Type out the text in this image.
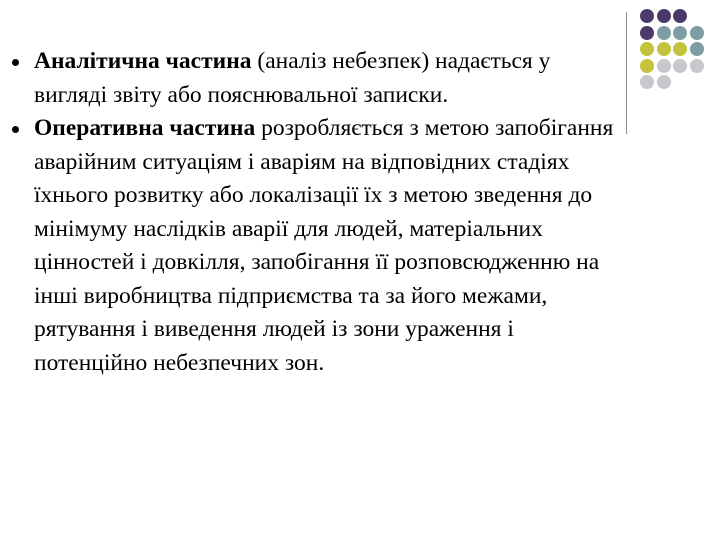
Аналітична частина (аналіз небезпек) надається у вигляді звіту або пояснювальної записки.
Оперативна частина розробляється з метою запобігання аварійним ситуаціям і аваріям на відповідних стадіях їхнього розвитку або локалізації їх з метою зведення до мінімуму наслідків аварії для людей, матеріальних цінностей і довкілля, запобігання її розповсюдженню на інші виробництва підприємства та за його межами, рятування і виведення людей із зони ураження і потенційно небезпечних зон.
